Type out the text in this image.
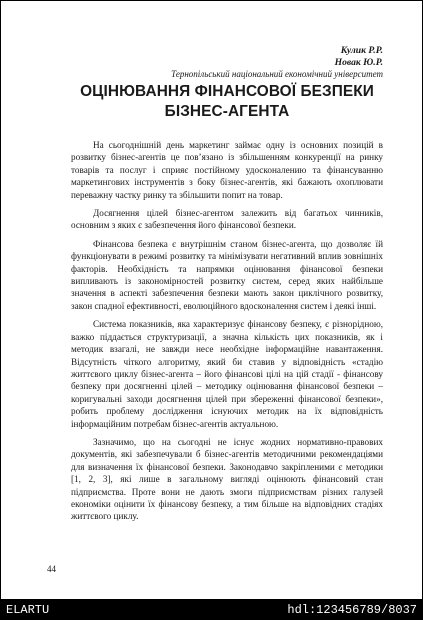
Кулик Р.Р.
Новак Ю.Р.
Тернопільський національний економічний університет
ОЦІНЮВАННЯ ФІНАНСОВОЇ БЕЗПЕКИ БІЗНЕС-АГЕНТА

На сьогоднішній день маркетинг займає одну із основних позицій в розвитку бізнес-агентів це пов’язано із збільшенням конкуренції на ринку товарів та послуг і сприяє постійному удосконалению та фінансуванню маркетингових інструментів з боку бізнес-агентів, які бажають охоплювати переважну частку ринку та збільшити попит на товар.

Досягнення цілей бізнес-агентом залежить від багатьох чинників, основним з яких є забезпечення його фінансової безпеки.

Фінансова безпека є внутрішнім станом бізнес-агента, що дозволяє їй функціонувати в режимі розвитку та мінімізувати негативний вплив зовнішніх факторів. Необхідність та напрямки оцінювання фінансової безпеки випливають із закономірностей розвитку систем, серед яких найбільше значення в аспекті забезпечення безпеки мають закон циклічного розвитку, закон спадної ефективності, еволюційного вдосконалення систем і деякі інші.

Система показників, яка характеризує фінансову безпеку, є різнорідною, важко піддається структуризації, а значна кількість цих показників, як і методик взагалі, не завжди несе необхідне інформаційне навантаження. Відсутність чіткого алгоритму, який би ставив у відповідність «стадію життєвого циклу бізнес-агента – його фінансові цілі на цій стадії - фінансову безпеку при досягненні цілей – методику оцінювання фінансової безпеки – коригувальні заходи досягнення цілей при збереженні фінансової безпеки», робить проблему дослідження існуючих методик на їх відповідність інформаційним потребам бізнес-агентів актуальною.

Зазначимо, що на сьогодні не існує жодних нормативно-правових документів, які забезпечували б бізнес-агентів методичними рекомендаціями для визначення їх фінансової безпеки. Законодавчо закріпленими є методики [1, 2, 3], які лише в загальному вигляді оцінюють фінансовий стан підприємства. Проте вони не дають змоги підприємствам різних галузей економіки оцінити їх фінансову безпеку, а тим більше на відповідних стадіях життєвого циклу.

44
ELARTU	hdl:123456789/8037
